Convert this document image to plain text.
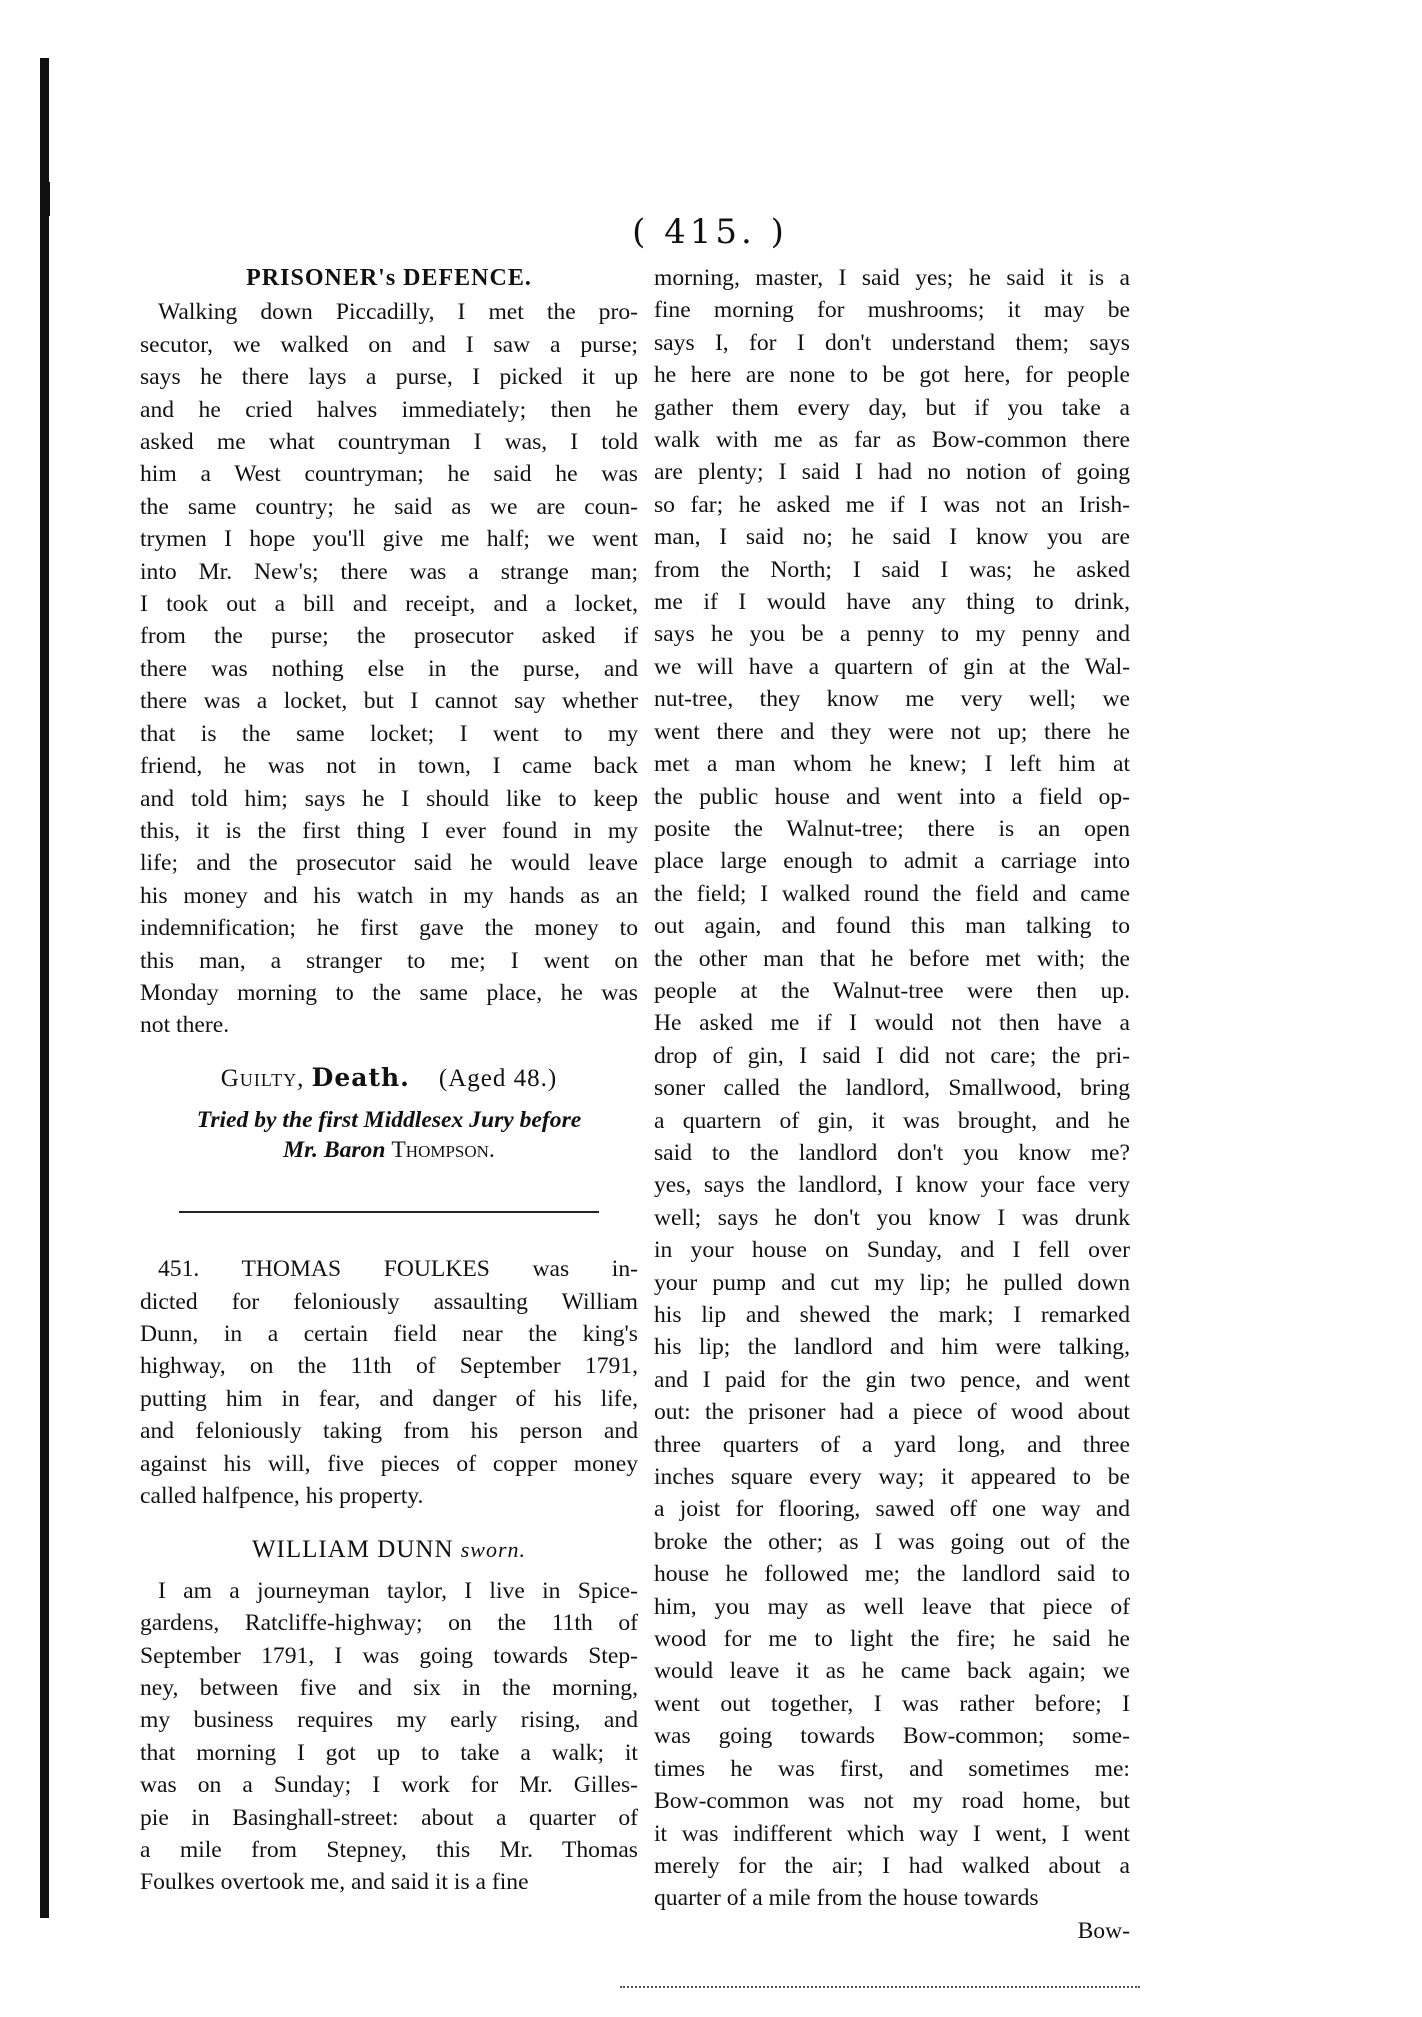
( 415. )
PRISONER's DEFENCE.
Walking down Piccadilly, I met the pro-
secutor, we walked on and I saw a purse;
says he there lays a purse, I picked it up
and he cried halves immediately; then he
asked me what countryman I was, I told
him a West countryman; he said he was
the same country; he said as we are coun-
trymen I hope you'll give me half; we went
into Mr. New's; there was a strange man;
I took out a bill and receipt, and a locket,
from the purse; the prosecutor asked if
there was nothing else in the purse, and
there was a locket, but I cannot say whether
that is the same locket; I went to my
friend, he was not in town, I came back
and told him; says he I should like to keep
this, it is the first thing I ever found in my
life; and the prosecutor said he would leave
his money and his watch in my hands as an
indemnification; he first gave the money to
this man, a stranger to me; I went on
Monday morning to the same place, he was
not there.
Guilty, Death. (Aged 48.)
Tried by the first Middlesex Jury before
Mr. Baron Thompson.
451. THOMAS FOULKES was in-
dicted for feloniously assaulting William
Dunn, in a certain field near the king's
highway, on the 11th of September 1791,
putting him in fear, and danger of his life,
and feloniously taking from his person and
against his will, five pieces of copper money
called halfpence, his property.
WILLIAM DUNN sworn.
I am a journeyman taylor, I live in Spice-
gardens, Ratcliffe-highway; on the 11th of
September 1791, I was going towards Step-
ney, between five and six in the morning,
my business requires my early rising, and
that morning I got up to take a walk; it
was on a Sunday; I work for Mr. Gilles-
pie in Basinghall-street: about a quarter of
a mile from Stepney, this Mr. Thomas
Foulkes overtook me, and said it is a fine
morning, master, I said yes; he said it is a
fine morning for mushrooms; it may be
says I, for I don't understand them; says
he here are none to be got here, for people
gather them every day, but if you take a
walk with me as far as Bow-common there
are plenty; I said I had no notion of going
so far; he asked me if I was not an Irish-
man, I said no; he said I know you are
from the North; I said I was; he asked
me if I would have any thing to drink,
says he you be a penny to my penny and
we will have a quartern of gin at the Wal-
nut-tree, they know me very well; we
went there and they were not up; there he
met a man whom he knew; I left him at
the public house and went into a field op-
posite the Walnut-tree; there is an open
place large enough to admit a carriage into
the field; I walked round the field and came
out again, and found this man talking to
the other man that he before met with; the
people at the Walnut-tree were then up.
He asked me if I would not then have a
drop of gin, I said I did not care; the pri-
soner called the landlord, Smallwood, bring
a quartern of gin, it was brought, and he
said to the landlord don't you know me?
yes, says the landlord, I know your face very
well; says he don't you know I was drunk
in your house on Sunday, and I fell over
your pump and cut my lip; he pulled down
his lip and shewed the mark; I remarked
his lip; the landlord and him were talking,
and I paid for the gin two pence, and went
out: the prisoner had a piece of wood about
three quarters of a yard long, and three
inches square every way; it appeared to be
a joist for flooring, sawed off one way and
broke the other; as I was going out of the
house he followed me; the landlord said to
him, you may as well leave that piece of
wood for me to light the fire; he said he
would leave it as he came back again; we
went out together, I was rather before; I
was going towards Bow-common; some-
times he was first, and sometimes me:
Bow-common was not my road home, but
it was indifferent which way I went, I went
merely for the air; I had walked about a
quarter of a mile from the house towards
Bow-
